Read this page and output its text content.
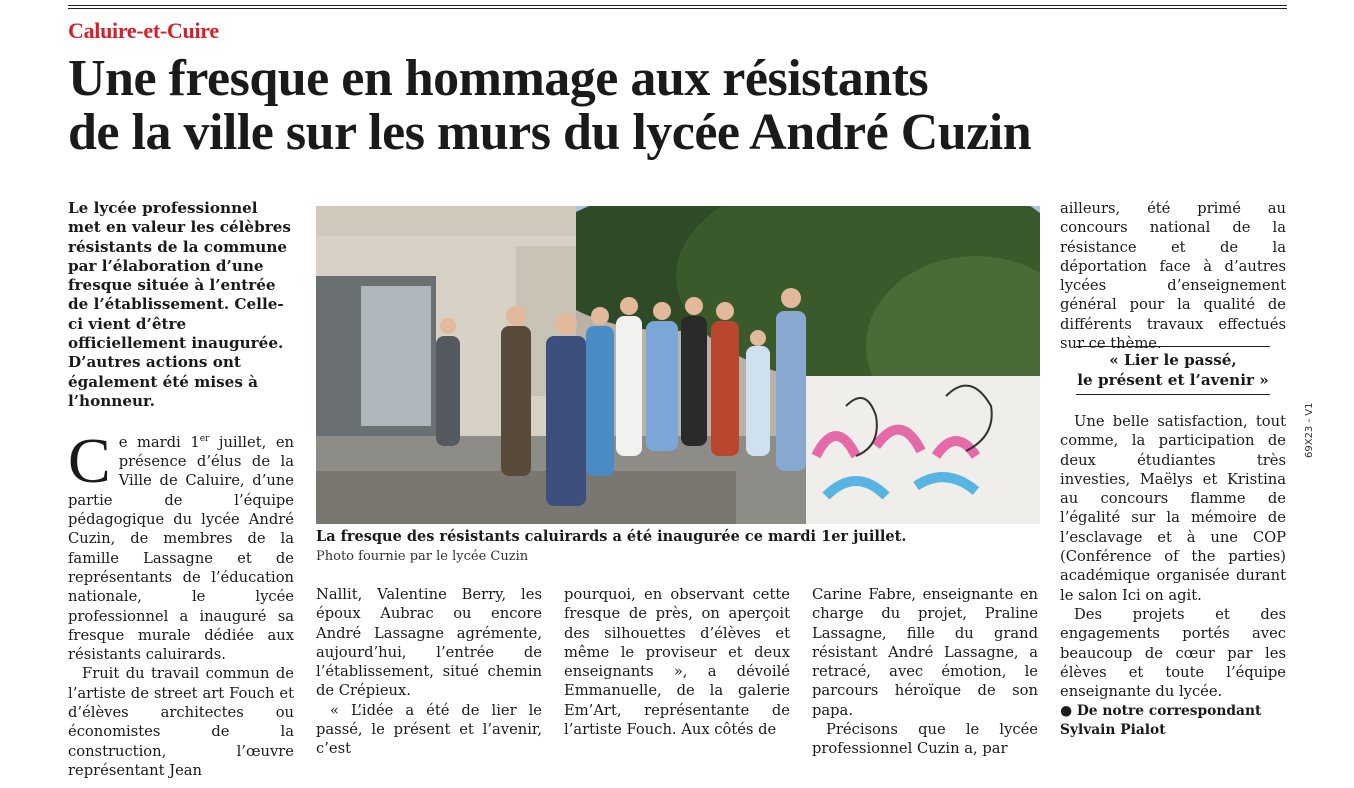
Caluire-et-Cuire
Une fresque en hommage aux résistants
de la ville sur les murs du lycée André Cuzin

Le lycée professionnel met en valeur les célèbres résistants de la commune par l’élaboration d’une fresque située à l’entrée de l’établissement. Celle-ci vient d’être officiellement inaugurée. D’autres actions ont également été mises à l’honneur.

Ce mardi 1er juillet, en présence d’élus de la Ville de Caluire, d’une partie de l’équipe pédagogique du lycée André Cuzin, de membres de la famille Lassagne et de représentants de l’éducation nationale, le lycée professionnel a inauguré sa fresque murale dédiée aux résistants caluirards.

Fruit du travail commun de l’artiste de street art Fouch et d’élèves architectes ou économistes de la construction, l’œuvre représentant Jean

La fresque des résistants caluirards a été inaugurée ce mardi 1er juillet.

Photo fournie par le lycée Cuzin

Nallit, Valentine Berry, les époux Aubrac ou encore André Lassagne agrémente, aujourd’hui, l’entrée de l’établissement, situé chemin de Crépieux.

« L’idée a été de lier le passé, le présent et l’avenir, c’est

pourquoi, en observant cette fresque de près, on aperçoit des silhouettes d’élèves et même le proviseur et deux enseignants », a dévoilé Emmanuelle, de la galerie Em’Art, représentante de l’artiste Fouch. Aux côtés de

Carine Fabre, enseignante en charge du projet, Praline Lassagne, fille du grand résistant André Lassagne, a retracé, avec émotion, le parcours héroïque de son papa.

Précisons que le lycée professionnel Cuzin a, par

ailleurs, été primé au concours national de la résistance et de la déportation face à d’autres lycées d’enseignement général pour la qualité de différents travaux effectués sur ce thème.

« Lier le passé,
le présent et l’avenir »

Une belle satisfaction, tout comme, la participation de deux étudiantes très investies, Maëlys et Kristina au concours flamme de l’égalité sur la mémoire de l’esclavage et à une COP (Conférence of the parties) académique organisée durant le salon Ici on agit.

Des projets et des engagements portés avec beaucoup de cœur par les élèves et toute l’équipe enseignante du lycée.

● De notre correspondant
Sylvain Pialot
69X23 - V1
